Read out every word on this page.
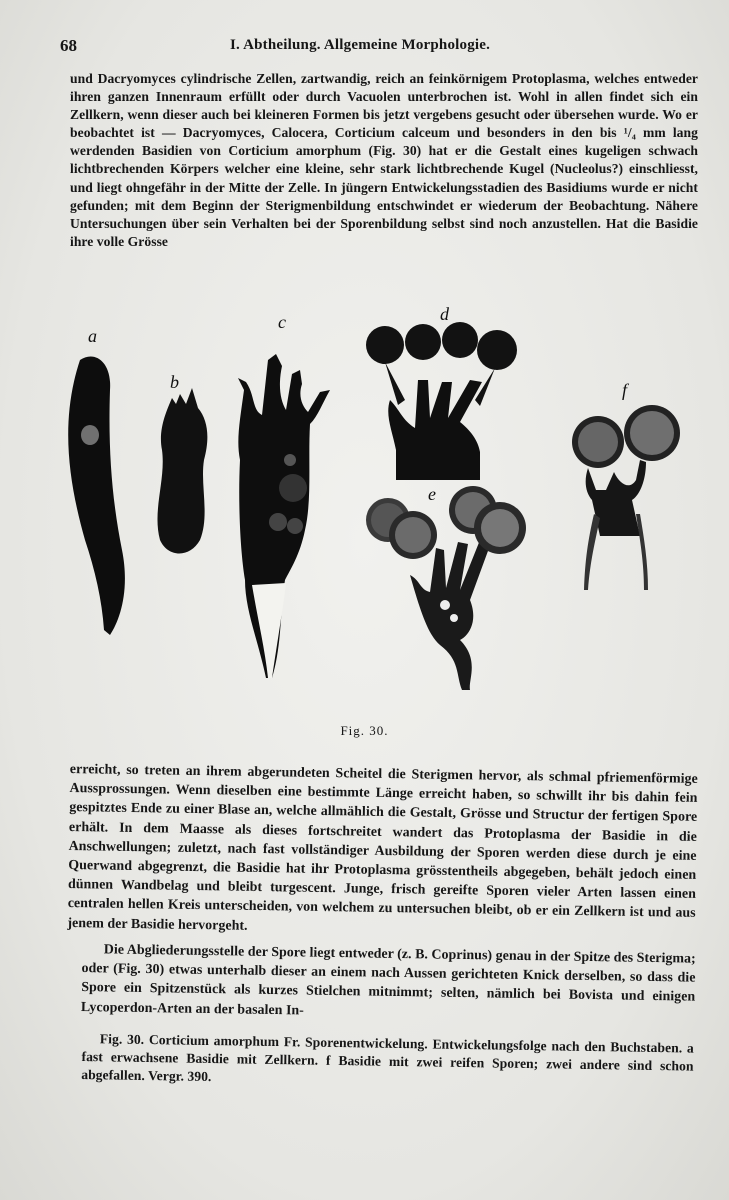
68	I. Abtheilung. Allgemeine Morphologie.
und Dacryomyces cylindrische Zellen, zartwandig, reich an feinkörnigem Protoplasma, welches entweder ihren ganzen Innenraum erfüllt oder durch Vacuolen unterbrochen ist. Wohl in allen findet sich ein Zellkern, wenn dieser auch bei kleineren Formen bis jetzt vergebens gesucht oder übersehen wurde. Wo er beobachtet ist — Dacryomyces, Calocera, Corticium calceum und besonders in den bis ¹/₄ mm lang werdenden Basidien von Corticium amorphum (Fig. 30) hat er die Gestalt eines kugeligen schwach lichtbrechenden Körpers welcher eine kleine, sehr stark lichtbrechende Kugel (Nucleolus?) einschliesst, und liegt ohngefähr in der Mitte der Zelle. In jüngern Entwickelungsstadien des Basidiums wurde er nicht gefunden; mit dem Beginn der Sterigmenbildung entschwindet er wiederum der Beobachtung. Nähere Untersuchungen über sein Verhalten bei der Sporenbildung selbst sind noch anzustellen. Hat die Basidie ihre volle Grösse
a
b
c	d
e
f
Fig. 30.
erreicht, so treten an ihrem abgerundeten Scheitel die Sterigmen hervor, als schmal pfriemenförmige Aussprossungen. Wenn dieselben eine bestimmte Länge erreicht haben, so schwillt ihr bis dahin fein gespitztes Ende zu einer Blase an, welche allmählich die Gestalt, Grösse und Structur der fertigen Spore erhält. In dem Maasse als dieses fortschreitet wandert das Protoplasma der Basidie in die Anschwellungen; zuletzt, nach fast vollständiger Ausbildung der Sporen werden diese durch je eine Querwand abgegrenzt, die Basidie hat ihr Protoplasma grösstentheils abgegeben, behält jedoch einen dünnen Wandbelag und bleibt turgescent. Junge, frisch gereifte Sporen vieler Arten lassen einen centralen hellen Kreis unterscheiden, von welchem zu untersuchen bleibt, ob er ein Zellkern ist und aus jenem der Basidie hervorgeht.
Die Abgliederungsstelle der Spore liegt entweder (z. B. Coprinus) genau in der Spitze des Sterigma; oder (Fig. 30) etwas unterhalb dieser an einem nach Aussen gerichteten Knick derselben, so dass die Spore ein Spitzenstück als kurzes Stielchen mitnimmt; selten, nämlich bei Bovista und einigen Lycoperdon-Arten an der basalen In-
Fig. 30. Corticium amorphum Fr. Sporenentwickelung. Entwickelungsfolge nach den Buchstaben. a fast erwachsene Basidie mit Zellkern. f Basidie mit zwei reifen Sporen; zwei andere sind schon abgefallen. Vergr. 390.
